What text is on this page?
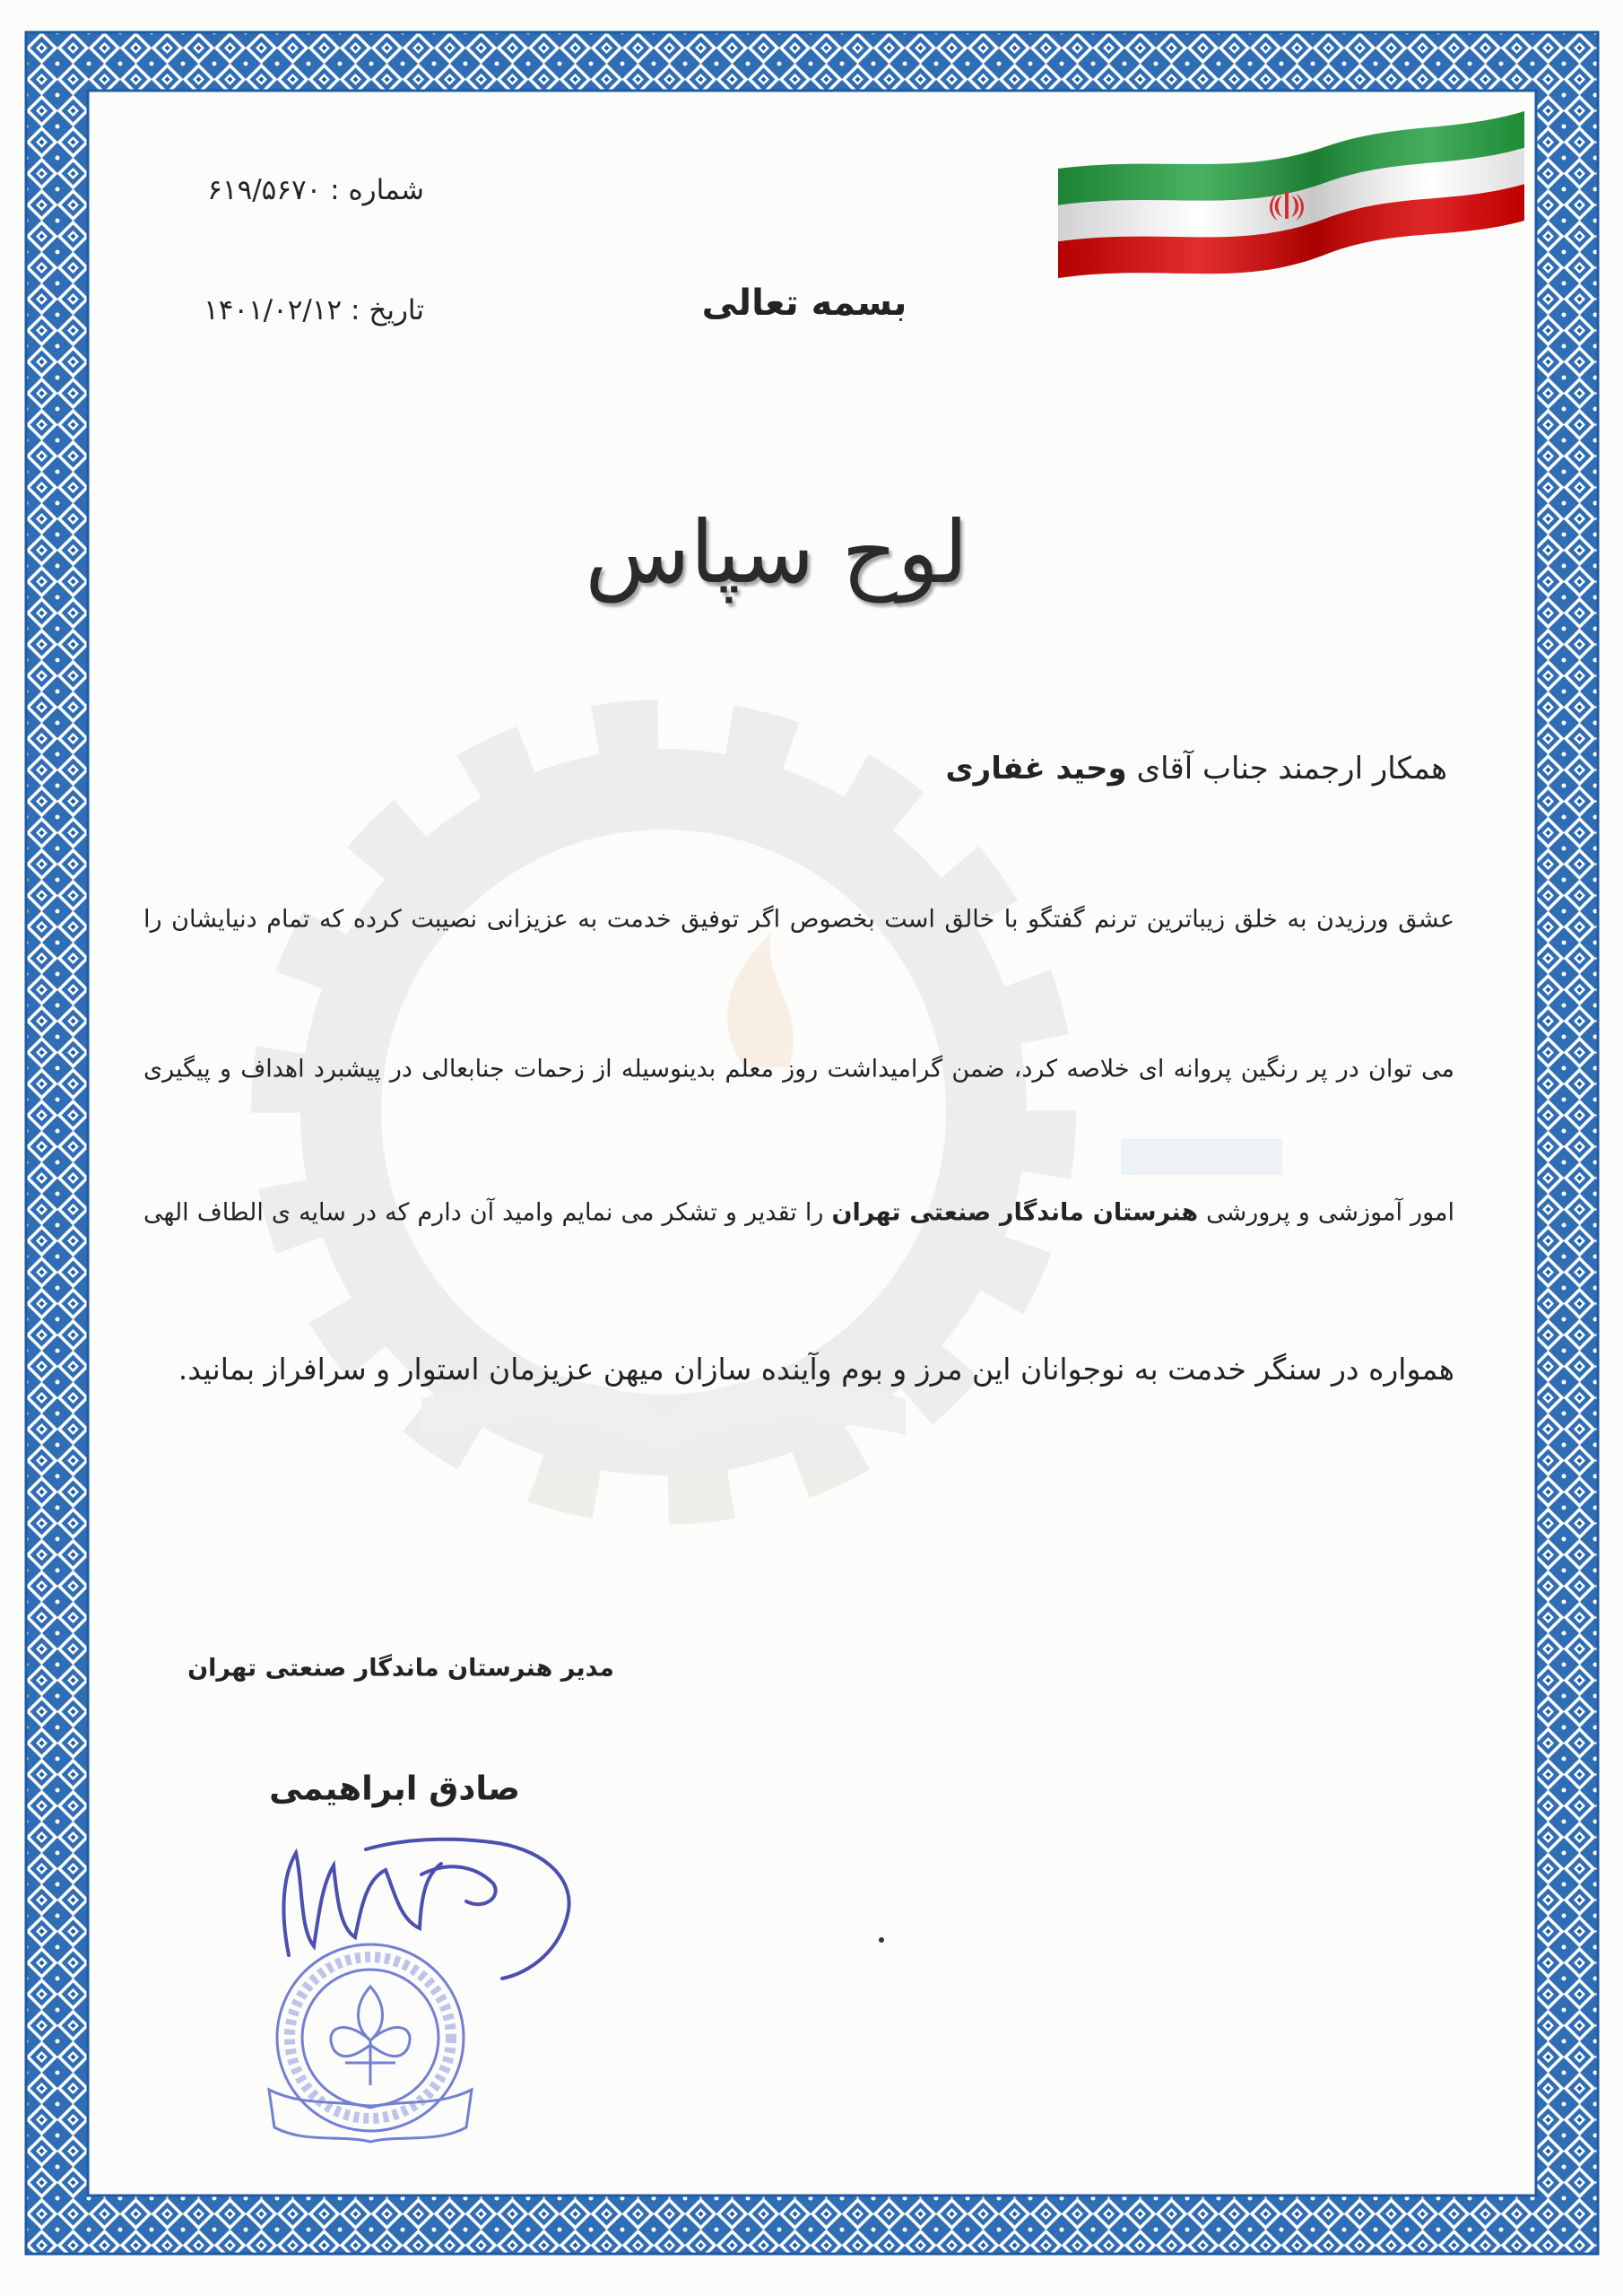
شماره : ۶۱۹/۵۶۷۰
تاریخ : ۱۴۰۱/۰۲/۱۲	بسمه تعالی
لوح سپاس
همکار ارجمند جناب آقای وحید غفاری
عشق ورزیدن به خلق زیباترین ترنم گفتگو با خالق است بخصوص اگر توفیق خدمت به عزیزانی نصیبت کرده که تمام دنیایشان را
می توان در پر رنگین پروانه ای خلاصه کرد، ضمن گرامیداشت روز معلم بدینوسیله از زحمات جنابعالی در پیشبرد اهداف و پیگیری
امور آموزشی و پرورشی هنرستان ماندگار صنعتی تهران را تقدیر و تشکر می نمایم وامید آن دارم که در سایه ی الطاف الهی
همواره در سنگر خدمت به نوجوانان این مرز و بوم وآینده سازان میهن عزیزمان استوار و سرافراز بمانید.
مدیر هنرستان ماندگار صنعتی تهران
صادق ابراهیمی
